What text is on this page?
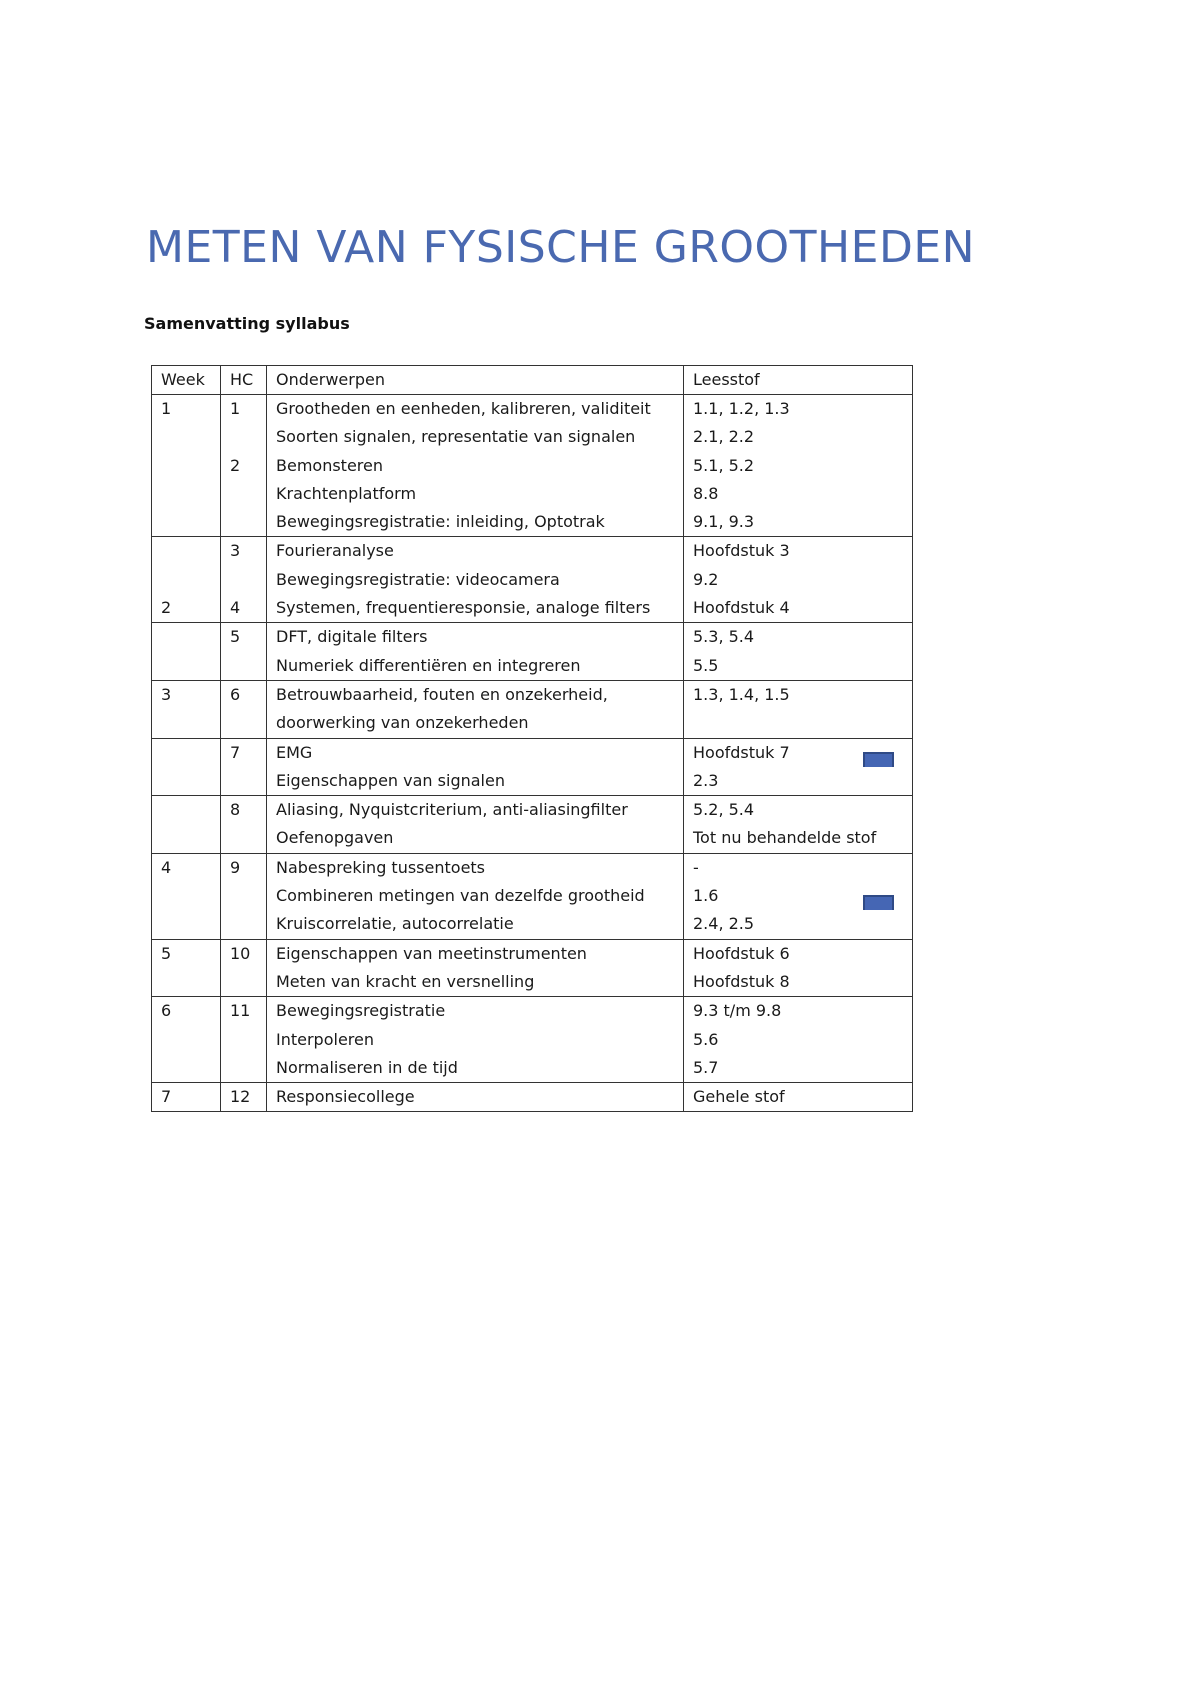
METEN VAN FYSISCHE GROOTHEDEN
Samenvatting syllabus
Week	HC	Onderwerpen	Leesstof
1	1	Grootheden en eenheden, kalibreren, validiteit	1.1, 1.2, 1.3
		Soorten signalen, representatie van signalen	2.1, 2.2
	2	Bemonsteren	5.1, 5.2
		Krachtenplatform	8.8
		Bewegingsregistratie: inleiding, Optotrak	9.1, 9.3
	3	Fourieranalyse	Hoofdstuk 3
		Bewegingsregistratie: videocamera	9.2
2	4	Systemen, frequentieresponsie, analoge filters	Hoofdstuk 4
	5	DFT, digitale filters	5.3, 5.4
		Numeriek differentiëren en integreren	5.5
3	6	Betrouwbaarheid, fouten en onzekerheid,	1.3, 1.4, 1.5
		doorwerking van onzekerheden	
	7	EMG	Hoofdstuk 7

		Eigenschappen van signalen	2.3
	8	Aliasing, Nyquistcriterium, anti-aliasingfilter	5.2, 5.4
		Oefenopgaven	Tot nu behandelde stof
4	9	Nabespreking tussentoets	-
		Combineren metingen van dezelfde grootheid	1.6

		Kruiscorrelatie, autocorrelatie	2.4, 2.5
5	10	Eigenschappen van meetinstrumenten	Hoofdstuk 6
		Meten van kracht en versnelling	Hoofdstuk 8
6	11	Bewegingsregistratie	9.3 t/m 9.8
		Interpoleren	5.6
		Normaliseren in de tijd	5.7
7	12	Responsiecollege	Gehele stof
